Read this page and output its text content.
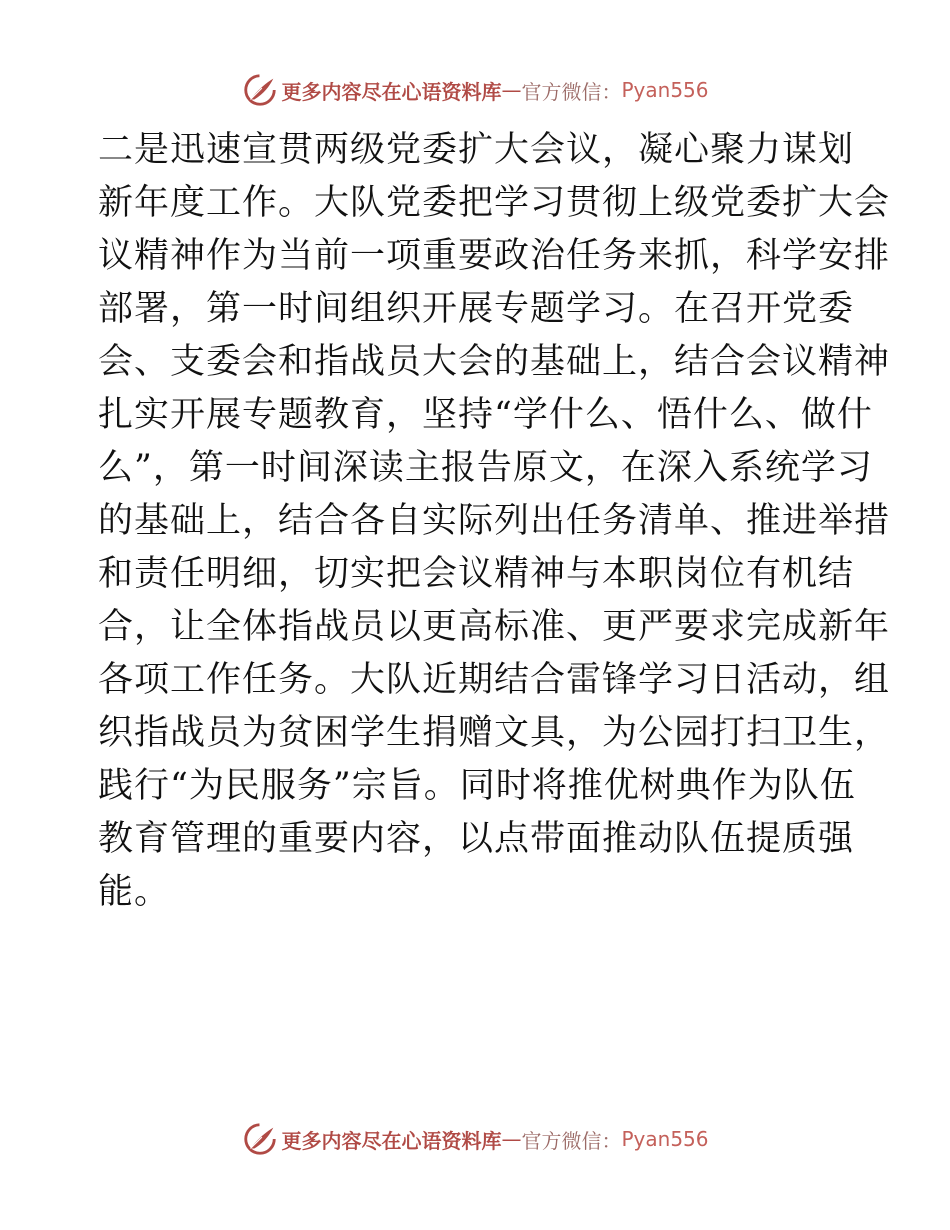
更多内容尽在心语资料库 — 官方微信： Pyan556
二是迅速宣贯两级党委扩大会议，凝心聚力谋划
新年度工作。大队党委把学习贯彻上级党委扩大会
议精神作为当前一项重要政治任务来抓，科学安排
部署，第一时间组织开展专题学习。在召开党委
会、支委会和指战员大会的基础上，结合会议精神
扎实开展专题教育，坚持“学什么、悟什么、做什
么”，第一时间深读主报告原文，在深入系统学习
的基础上，结合各自实际列出任务清单、推进举措
和责任明细，切实把会议精神与本职岗位有机结
合，让全体指战员以更高标准、更严要求完成新年
各项工作任务。大队近期结合雷锋学习日活动，组
织指战员为贫困学生捐赠文具，为公园打扫卫生，
践行“为民服务”宗旨。同时将推优树典作为队伍
教育管理的重要内容，以点带面推动队伍提质强
能。
更多内容尽在心语资料库 — 官方微信： Pyan556
